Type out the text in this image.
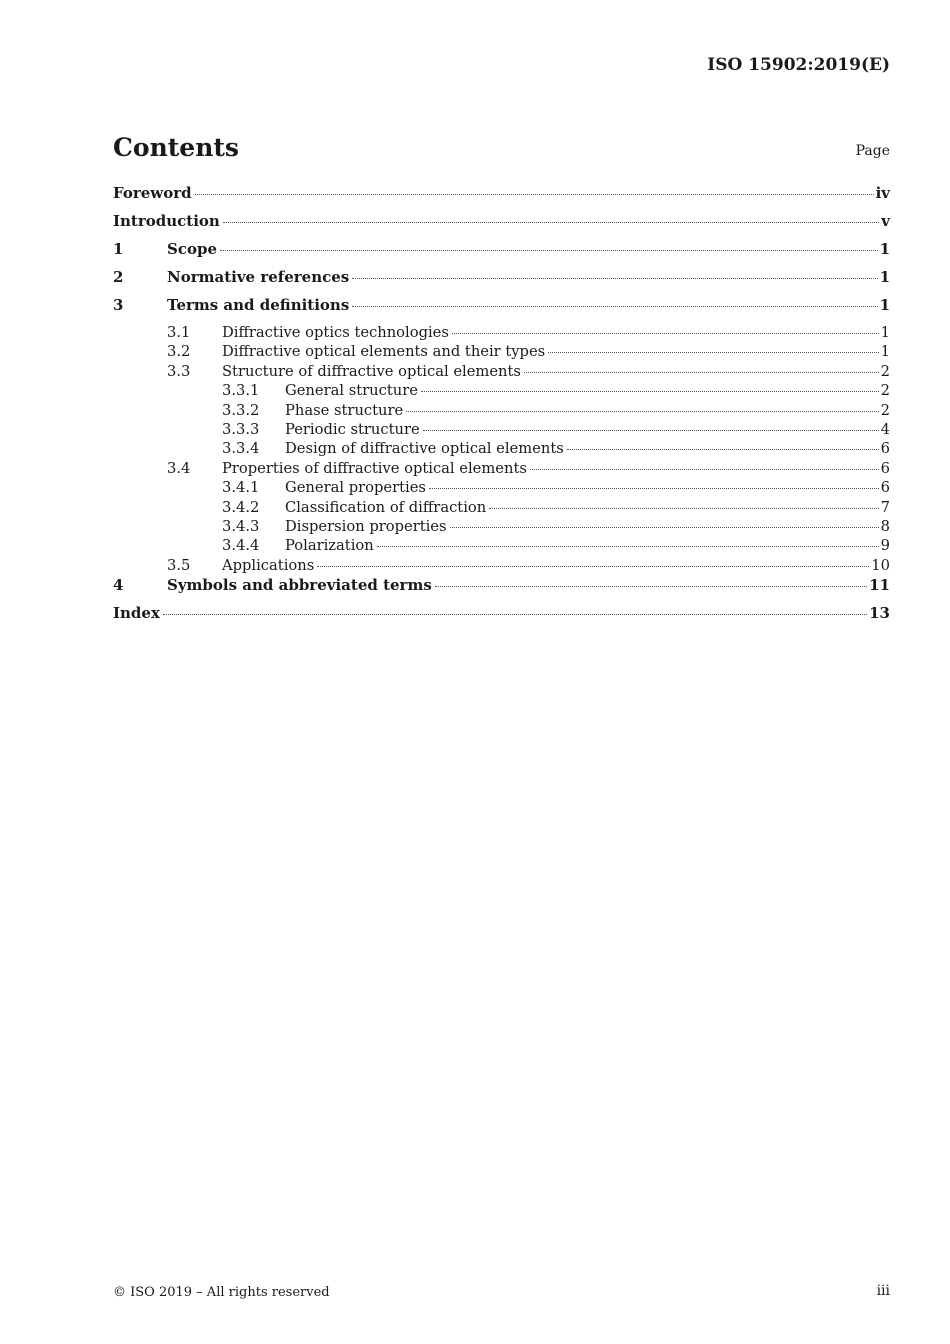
ISO 15902:2019(E)
Contents	Page
Foreword	iv
Introduction	v
1	Scope	1
2	Normative references	1
3	Terms and definitions	1
3.1	Diffractive optics technologies	1
3.2	Diffractive optical elements and their types	1
3.3	Structure of diffractive optical elements	2
3.3.1	General structure	2
3.3.2	Phase structure	2
3.3.3	Periodic structure	4
3.3.4	Design of diffractive optical elements	6
3.4	Properties of diffractive optical elements	6
3.4.1	General properties	6
3.4.2	Classification of diffraction	7
3.4.3	Dispersion properties	8
3.4.4	Polarization	9
3.5	Applications	10
4	Symbols and abbreviated terms	11
Index	13
© ISO 2019 – All rights reserved	iii
